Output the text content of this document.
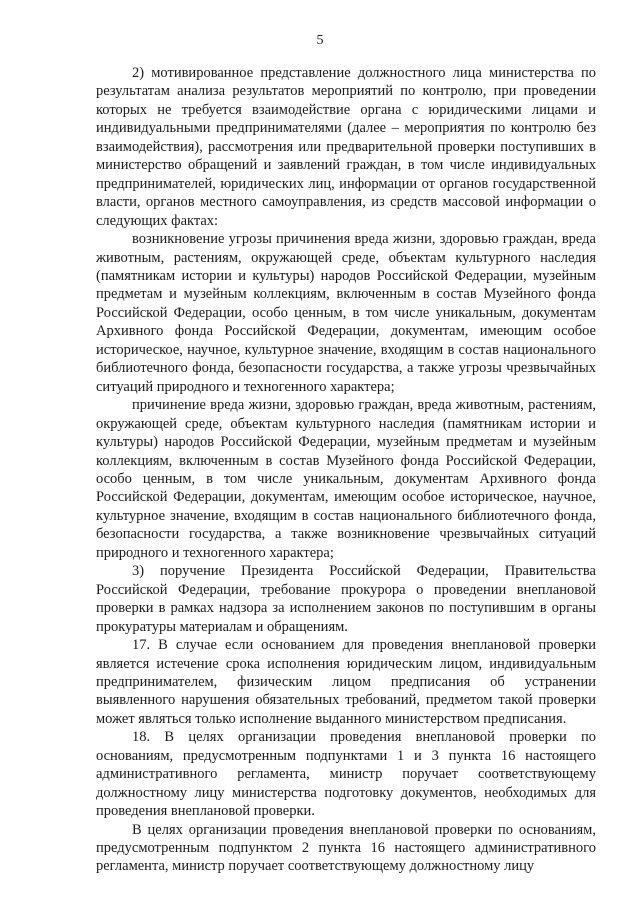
5

2) мотивированное представление должностного лица министерства по результатам анализа результатов мероприятий по контролю, при проведении которых не требуется взаимодействие органа с юридическими лицами и индивидуальными предпринимателями (далее – мероприятия по контролю без взаимодействия), рассмотрения или предварительной проверки поступивших в министерство обращений и заявлений граждан, в том числе индивидуальных предпринимателей, юридических лиц, информации от органов государственной власти, органов местного самоуправления, из средств массовой информации о следующих фактах:

возникновение угрозы причинения вреда жизни, здоровью граждан, вреда животным, растениям, окружающей среде, объектам культурного наследия (памятникам истории и культуры) народов Российской Федерации, музейным предметам и музейным коллекциям, включенным в состав Музейного фонда Российской Федерации, особо ценным, в том числе уникальным, документам Архивного фонда Российской Федерации, документам, имеющим особое историческое, научное, культурное значение, входящим в состав национального библиотечного фонда, безопасности государства, а также угрозы чрезвычайных ситуаций природного и техногенного характера;

причинение вреда жизни, здоровью граждан, вреда животным, растениям, окружающей среде, объектам культурного наследия (памятникам истории и культуры) народов Российской Федерации, музейным предметам и музейным коллекциям, включенным в состав Музейного фонда Российской Федерации, особо ценным, в том числе уникальным, документам Архивного фонда Российской Федерации, документам, имеющим особое историческое, научное, культурное значение, входящим в состав национального библиотечного фонда, безопасности государства, а также возникновение чрезвычайных ситуаций природного и техногенного характера;

3) поручение Президента Российской Федерации, Правительства Российской Федерации, требование прокурора о проведении внеплановой проверки в рамках надзора за исполнением законов по поступившим в органы прокуратуры материалам и обращениям.

17. В случае если основанием для проведения внеплановой проверки является истечение срока исполнения юридическим лицом, индивидуальным предпринимателем, физическим лицом предписания об устранении выявленного нарушения обязательных требований, предметом такой проверки может являться только исполнение выданного министерством предписания.

18. В целях организации проведения внеплановой проверки по основаниям, предусмотренным подпунктами 1 и 3 пункта 16 настоящего административного регламента, министр поручает соответствующему должностному лицу министерства подготовку документов, необходимых для проведения внеплановой проверки.

В целях организации проведения внеплановой проверки по основаниям, предусмотренным подпунктом 2 пункта 16 настоящего административного регламента, министр поручает соответствующему должностному лицу
